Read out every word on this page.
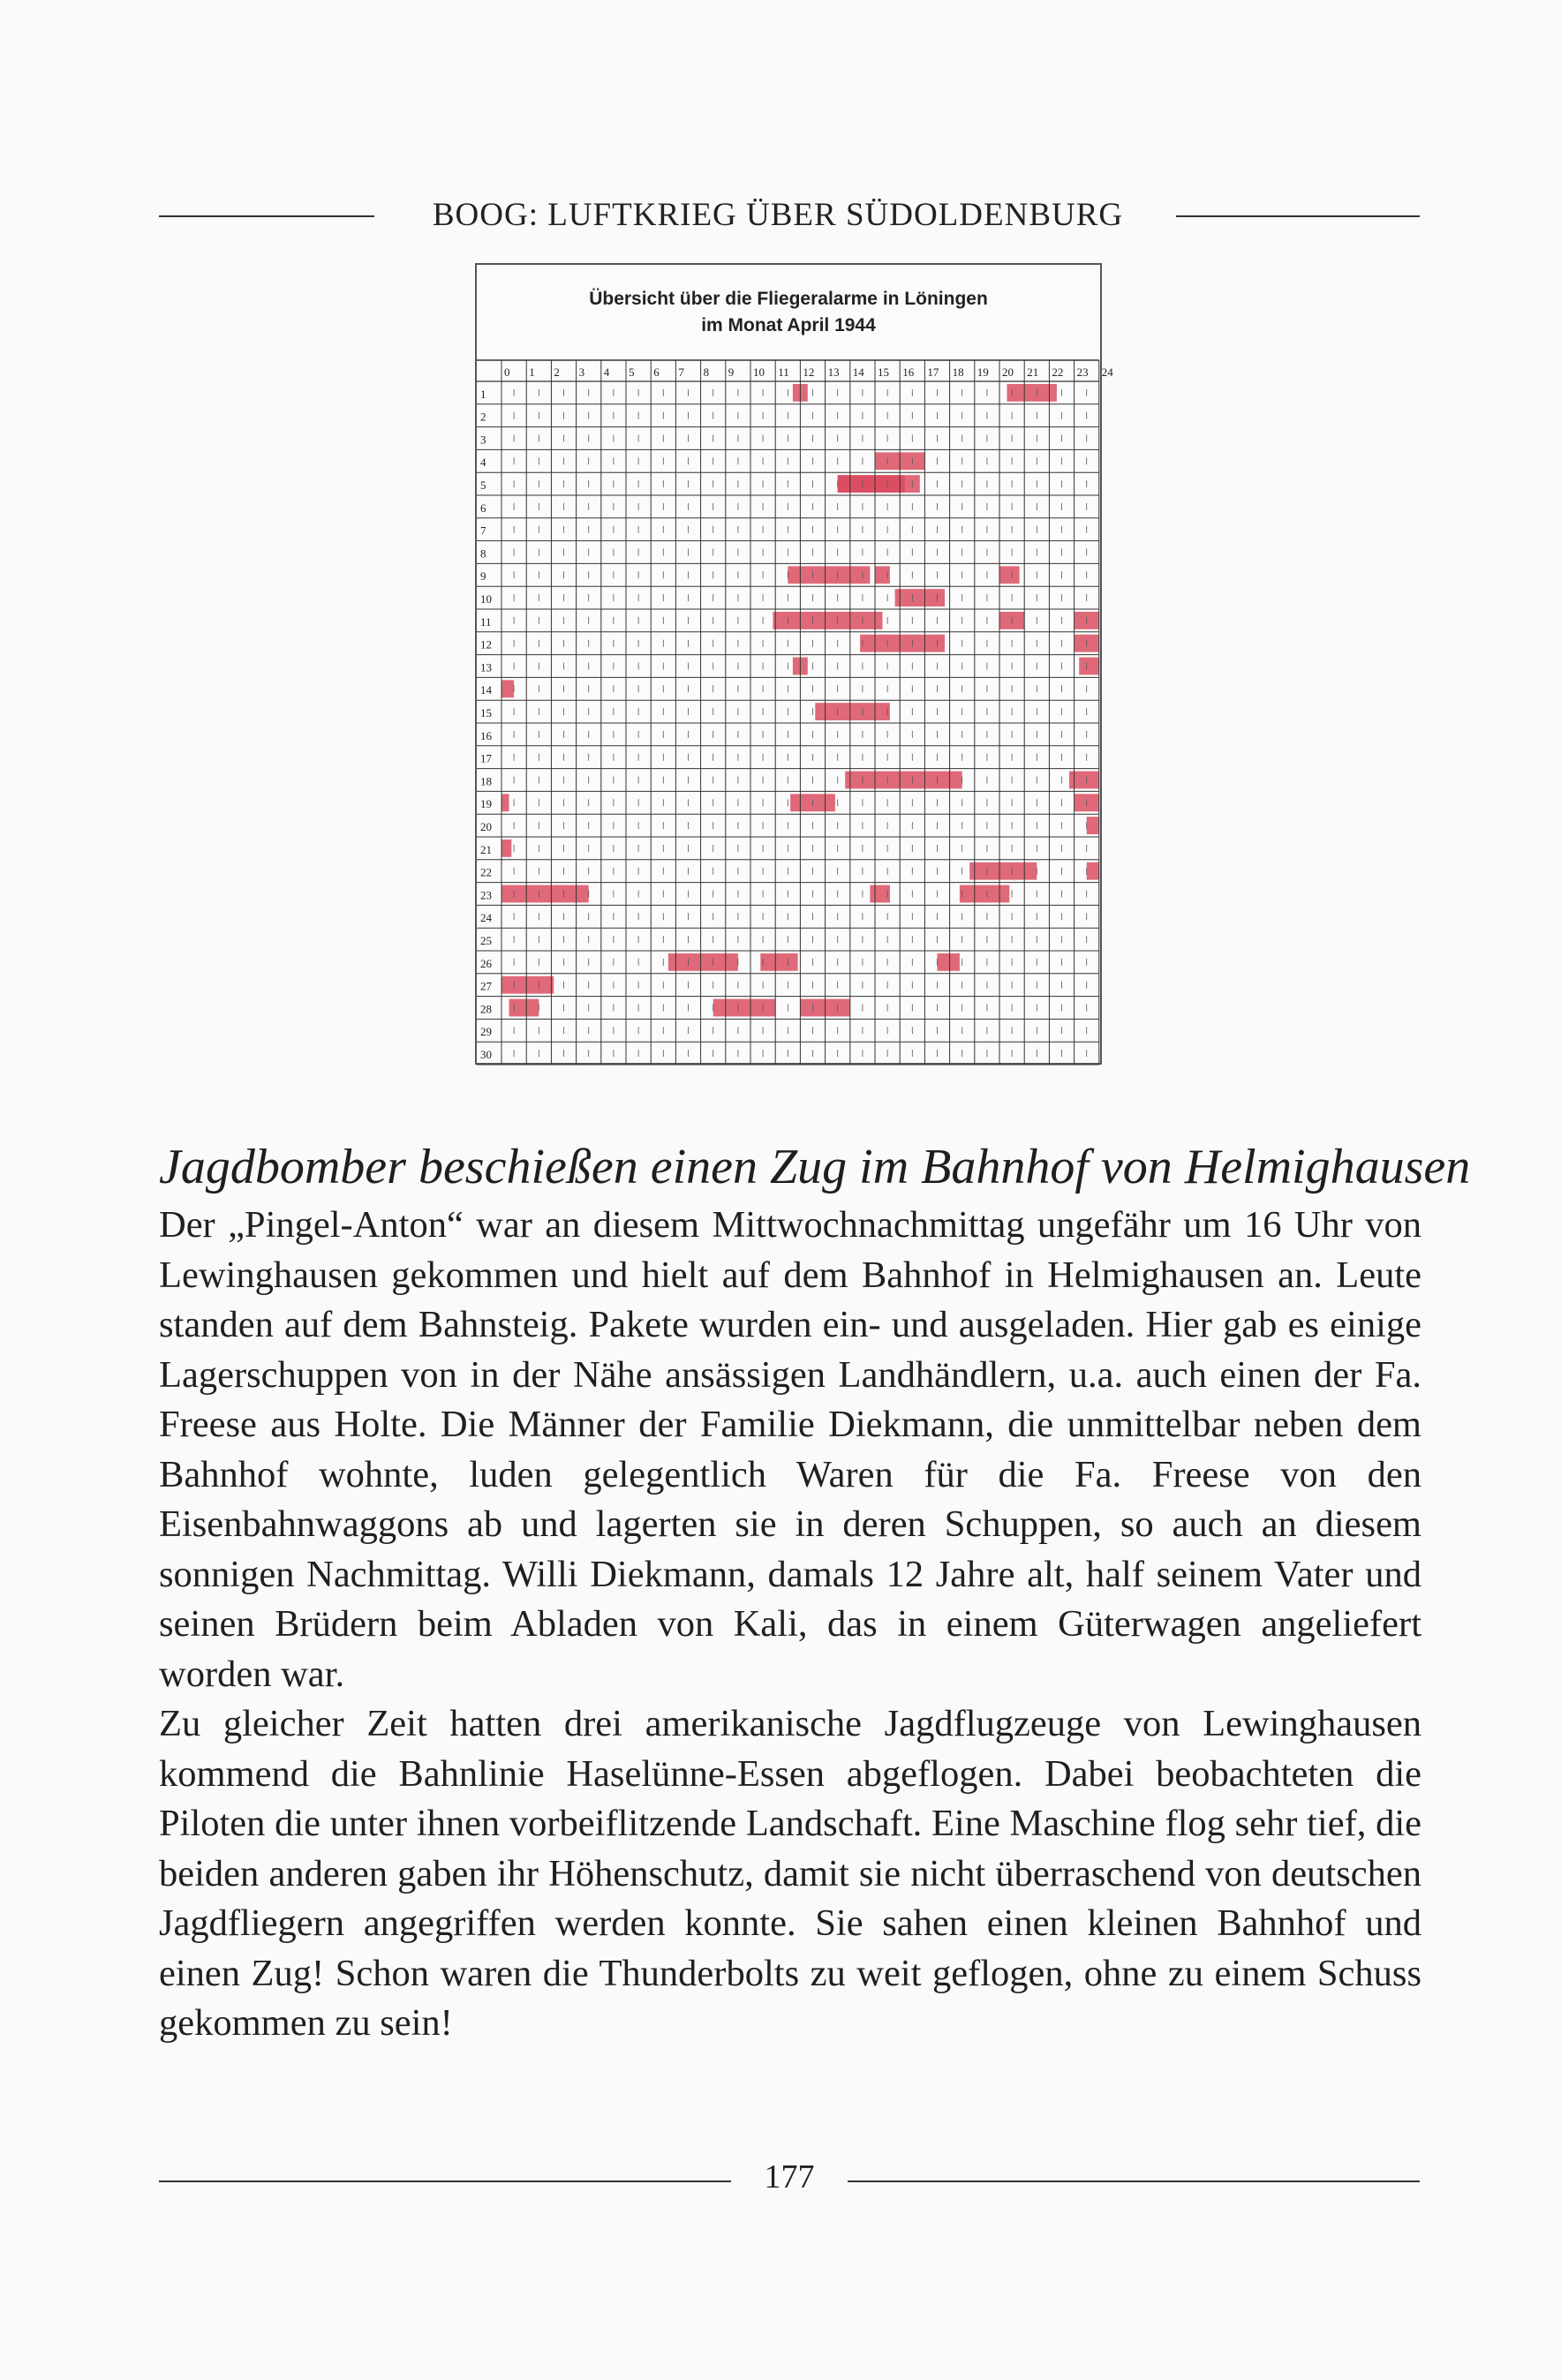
BOOG: LUFTKRIEG ÜBER SÜDOLDENBURG
0 1 2 3 4 5 6 7 8 9 10 11 12 13 14 15 16 17 18 19 20 21 22 23 24
1
2
3
4
5
6
7
8
9
10
11
12
13
14
15
16
17
18
19
20
21
22
23
24
25
26
27
28
29
30
Übersicht über die Fliegeralarme in Löningen
im Monat April 1944
Jagdbomber beschießen einen Zug im Bahnhof von Helmighausen

Der „Pingel-Anton“ war an diesem Mittwochnachmittag ungefähr um 16 Uhr von Lewinghausen gekommen und hielt auf dem Bahnhof in Helmighausen an. Leute standen auf dem Bahnsteig. Pakete wurden ein- und ausgeladen. Hier gab es einige Lagerschuppen von in der Nähe ansässigen Landhändlern, u.a. auch einen der Fa. Freese aus Holte. Die Männer der Familie Diekmann, die unmittelbar neben dem Bahnhof wohnte, luden gelegentlich Waren für die Fa. Freese von den Eisenbahnwaggons ab und lagerten sie in deren Schuppen, so auch an diesem sonnigen Nachmittag. Willi Diekmann, damals 12 Jahre alt, half seinem Vater und seinen Brüdern beim Abladen von Kali, das in einem Güterwagen angeliefert worden war.

Zu gleicher Zeit hatten drei amerikanische Jagdflugzeuge von Lewinghausen kommend die Bahnlinie Haselünne-Essen abgeflogen. Dabei beobachteten die Piloten die unter ihnen vorbeiflitzende Landschaft. Eine Maschine flog sehr tief, die beiden anderen gaben ihr Höhenschutz, damit sie nicht überraschend von deutschen Jagdfliegern angegriffen werden konnte. Sie sahen einen kleinen Bahnhof und einen Zug! Schon waren die Thunderbolts zu weit geflogen, ohne zu einem Schuss gekommen zu sein!

177
